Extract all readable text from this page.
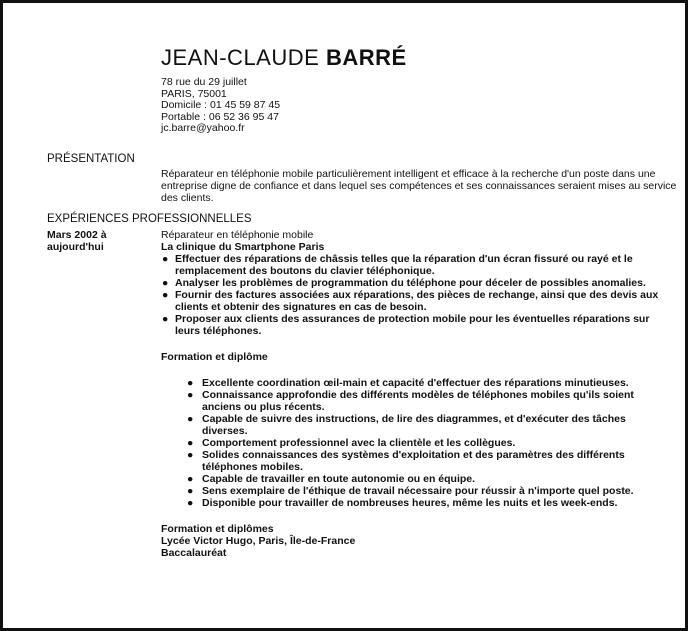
JEAN-CLAUDE BARRÉ
78 rue du 29 juillet
PARIS, 75001
Domicile : 01 45 59 87 45
Portable : 06 52 36 95 47
jc.barre@yahoo.fr
PRÉSENTATION
Réparateur en téléphonie mobile particulièrement intelligent et efficace à la recherche d'un poste dans une entreprise digne de confiance et dans lequel ses compétences et ses connaissances seraient mises au service des clients.
EXPÉRIENCES PROFESSIONNELLES
Mars 2002 à
aujourd'hui
Réparateur en téléphonie mobile
La clinique du Smartphone Paris
● Effectuer des réparations de châssis telles que la réparation d'un écran fissuré ou rayé et le remplacement des boutons du clavier téléphonique.
● Analyser les problèmes de programmation du téléphone pour déceler de possibles anomalies.
● Fournir des factures associées aux réparations, des pièces de rechange, ainsi que des devis aux clients et obtenir des signatures en cas de besoin.
● Proposer aux clients des assurances de protection mobile pour les éventuelles réparations sur leurs téléphones.
Formation et diplôme
● Excellente coordination œil-main et capacité d'effectuer des réparations minutieuses.
● Connaissance approfondie des différents modèles de téléphones mobiles qu'ils soient anciens ou plus récents.
● Capable de suivre des instructions, de lire des diagrammes, et d'exécuter des tâches diverses.
● Comportement professionnel avec la clientèle et les collègues.
● Solides connaissances des systèmes d'exploitation et des paramètres des différents téléphones mobiles.
● Capable de travailler en toute autonomie ou en équipe.
● Sens exemplaire de l'éthique de travail nécessaire pour réussir à n'importe quel poste.
● Disponible pour travailler de nombreuses heures, même les nuits et les week-ends.
Formation et diplômes
Lycée Victor Hugo, Paris, Île-de-France
Baccalauréat
